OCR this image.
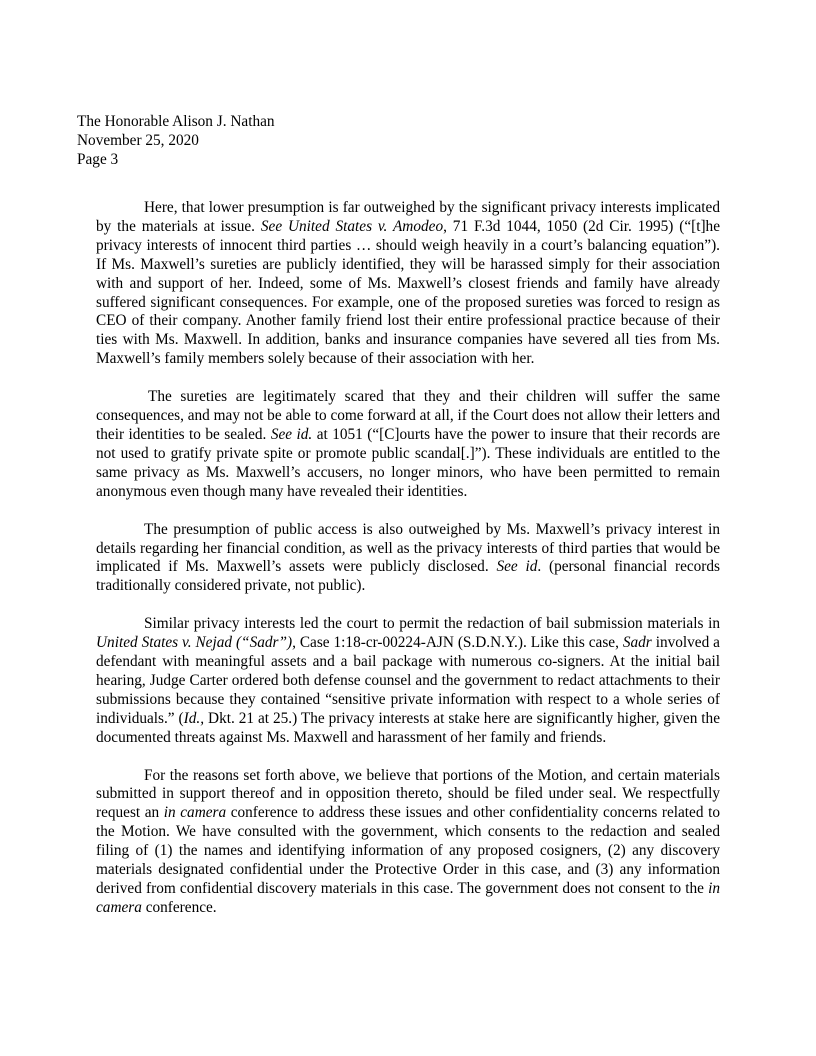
The Honorable Alison J. Nathan
November 25, 2020
Page 3

Here, that lower presumption is far outweighed by the significant privacy interests implicated by the materials at issue. See United States v. Amodeo, 71 F.3d 1044, 1050 (2d Cir. 1995) (“[t]he privacy interests of innocent third parties … should weigh heavily in a court’s balancing equation”). If Ms. Maxwell’s sureties are publicly identified, they will be harassed simply for their association with and support of her. Indeed, some of Ms. Maxwell’s closest friends and family have already suffered significant consequences. For example, one of the proposed sureties was forced to resign as CEO of their company. Another family friend lost their entire professional practice because of their ties with Ms. Maxwell. In addition, banks and insurance companies have severed all ties from Ms. Maxwell’s family members solely because of their association with her.

The sureties are legitimately scared that they and their children will suffer the same consequences, and may not be able to come forward at all, if the Court does not allow their letters and their identities to be sealed. See id. at 1051 (“[C]ourts have the power to insure that their records are not used to gratify private spite or promote public scandal[.]”). These individuals are entitled to the same privacy as Ms. Maxwell’s accusers, no longer minors, who have been permitted to remain anonymous even though many have revealed their identities.

The presumption of public access is also outweighed by Ms. Maxwell’s privacy interest in details regarding her financial condition, as well as the privacy interests of third parties that would be implicated if Ms. Maxwell’s assets were publicly disclosed. See id. (personal financial records traditionally considered private, not public).

Similar privacy interests led the court to permit the redaction of bail submission materials in United States v. Nejad (“Sadr”), Case 1:18-cr-00224-AJN (S.D.N.Y.). Like this case, Sadr involved a defendant with meaningful assets and a bail package with numerous co-signers. At the initial bail hearing, Judge Carter ordered both defense counsel and the government to redact attachments to their submissions because they contained “sensitive private information with respect to a whole series of individuals.” (Id., Dkt. 21 at 25.) The privacy interests at stake here are significantly higher, given the documented threats against Ms. Maxwell and harassment of her family and friends.

For the reasons set forth above, we believe that portions of the Motion, and certain materials submitted in support thereof and in opposition thereto, should be filed under seal. We respectfully request an in camera conference to address these issues and other confidentiality concerns related to the Motion. We have consulted with the government, which consents to the redaction and sealed filing of (1) the names and identifying information of any proposed cosigners, (2) any discovery materials designated confidential under the Protective Order in this case, and (3) any information derived from confidential discovery materials in this case. The government does not consent to the in camera conference.
